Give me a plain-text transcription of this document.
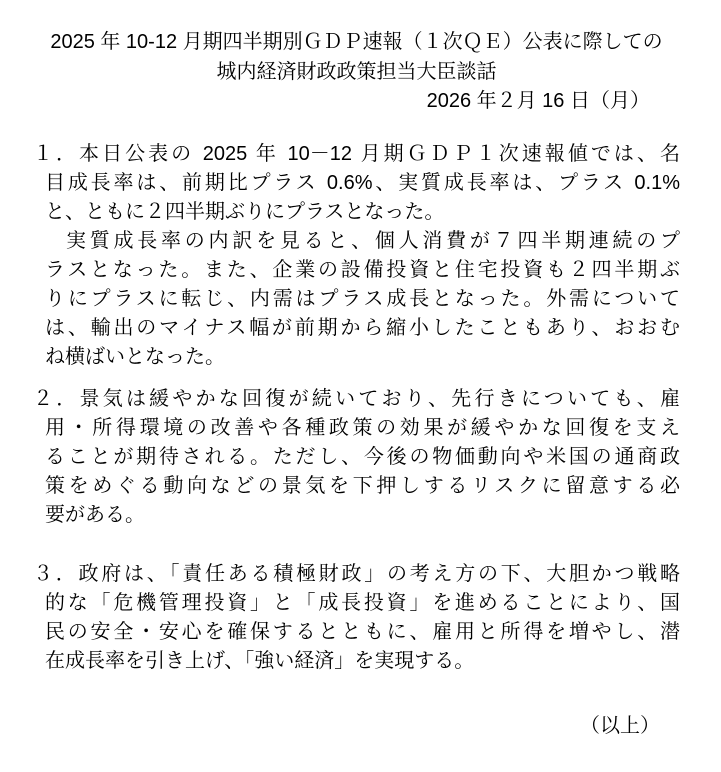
2025 年 10-12 月期四半期別ＧＤＰ速報（１次ＱＥ）公表に際しての
城内経済財政政策担当大臣談話
2026 年２月 16 日（月）
１．本日公表の 2025 年 10－12 月期ＧＤＰ１次速報値では、名
目成長率は、前期比プラス 0.6%、実質成長率は、プラス 0.1%
と、ともに２四半期ぶりにプラスとなった。
実質成長率の内訳を見ると、個人消費が７四半期連続のプ
ラスとなった。また、企業の設備投資と住宅投資も２四半期ぶ
りにプラスに転じ、内需はプラス成長となった。外需について
は、輸出のマイナス幅が前期から縮小したこともあり、おおむ
ね横ばいとなった。
２．景気は緩やかな回復が続いており、先行きについても、雇
用・所得環境の改善や各種政策の効果が緩やかな回復を支え
ることが期待される。ただし、今後の物価動向や米国の通商政
策をめぐる動向などの景気を下押しするリスクに留意する必
要がある。
３．政府は、「責任ある積極財政」の考え方の下、大胆かつ戦略
的な「危機管理投資」と「成長投資」を進めることにより、国
民の安全・安心を確保するとともに、雇用と所得を増やし、潜
在成長率を引き上げ、「強い経済」を実現する。
（以上）
